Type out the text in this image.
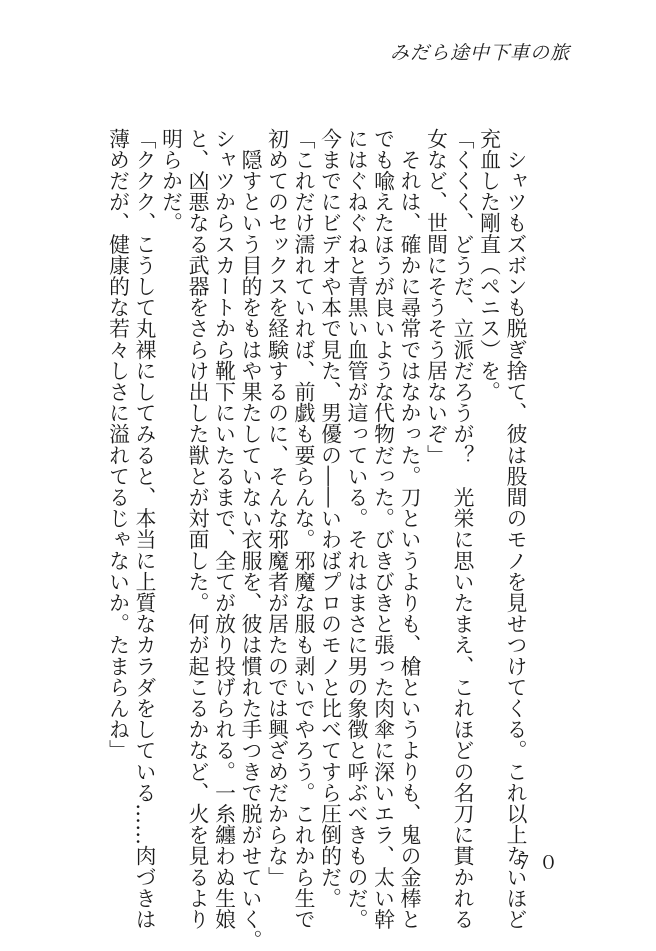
みだら途中下車の旅
　シャツもズボンも脱ぎ捨て、彼は股間のモノを見せつけてくる。これ以上ないほど
充血した剛直（ペニス）を。
「くくく、どうだ、立派だろうが？　光栄に思いたまえ、これほどの名刀に貫かれる
女など、世間にそうそう居ないぞ」
　それは、確かに尋常ではなかった。刀というよりも、槍というよりも、鬼の金棒と
でも喩えたほうが良いような代物だった。びきびきと張った肉傘に深いエラ、太い幹
にはぐねぐねと青黒い血管が這っている。それはまさに男の象徴と呼ぶべきものだ。
今までにビデオや本で見た、男優の――いわばプロのモノと比べてすら圧倒的だ。
「これだけ濡れていれば、前戯も要らんな。邪魔な服も剥いでやろう。これから生で
初めてのセックスを経験するのに、そんな邪魔者が居たのでは興ざめだからな」
　隠すという目的をもはや果たしていない衣服を、彼は慣れた手つきで脱がせていく。
シャツからスカートから靴下にいたるまで、全てが放り投げられる。一糸纏わぬ生娘
と、凶悪なる武器をさらけ出した獣とが対面した。何が起こるかなど、火を見るより
明らかだ。
「ククク、こうして丸裸にしてみると、本当に上質なカラダをしている……肉づきは
薄めだが、健康的な若々しさに溢れてるじゃないか。たまらんね」
７０
